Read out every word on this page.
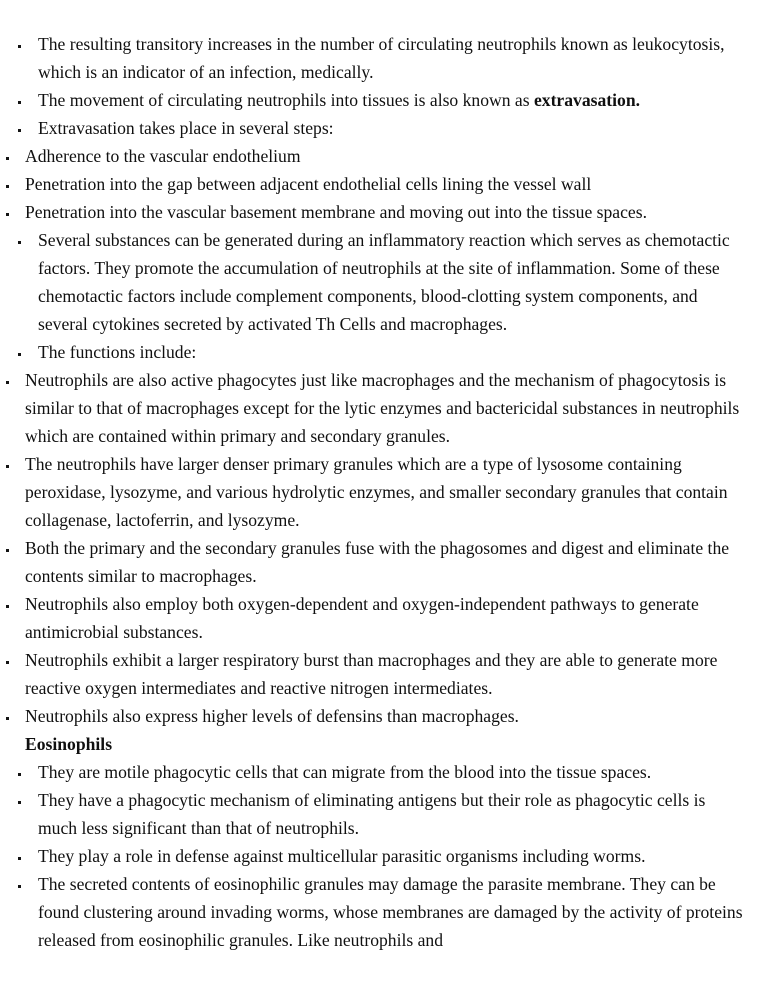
The resulting transitory increases in the number of circulating neutrophils known as leukocytosis, which is an indicator of an infection, medically.
The movement of circulating neutrophils into tissues is also known as extravasation.
Extravasation takes place in several steps:
Adherence to the vascular endothelium
Penetration into the gap between adjacent endothelial cells lining the vessel wall
Penetration into the vascular basement membrane and moving out into the tissue spaces.
Several substances can be generated during an inflammatory reaction which serves as chemotactic factors. They promote the accumulation of neutrophils at the site of inflammation. Some of these chemotactic factors include complement components, blood-clotting system components, and several cytokines secreted by activated Th Cells and macrophages.
The functions include:
Neutrophils are also active phagocytes just like macrophages and the mechanism of phagocytosis is similar to that of macrophages except for the lytic enzymes and bactericidal substances in neutrophils which are contained within primary and secondary granules.
The neutrophils have larger denser primary granules which are a type of lysosome containing peroxidase, lysozyme, and various hydrolytic enzymes, and smaller secondary granules that contain collagenase, lactoferrin, and lysozyme.
Both the primary and the secondary granules fuse with the phagosomes and digest and eliminate the contents similar to macrophages.
Neutrophils also employ both oxygen-dependent and oxygen-independent pathways to generate antimicrobial substances.
Neutrophils exhibit a larger respiratory burst than macrophages and they are able to generate more reactive oxygen intermediates and reactive nitrogen intermediates.
Neutrophils also express higher levels of defensins than macrophages.
Eosinophils
They are motile phagocytic cells that can migrate from the blood into the tissue spaces.
They have a phagocytic mechanism of eliminating antigens but their role as phagocytic cells is much less significant than that of neutrophils.
They play a role in defense against multicellular parasitic organisms including worms.
The secreted contents of eosinophilic granules may damage the parasite membrane. They can be found clustering around invading worms, whose membranes are damaged by the activity of proteins released from eosinophilic granules. Like neutrophils and
